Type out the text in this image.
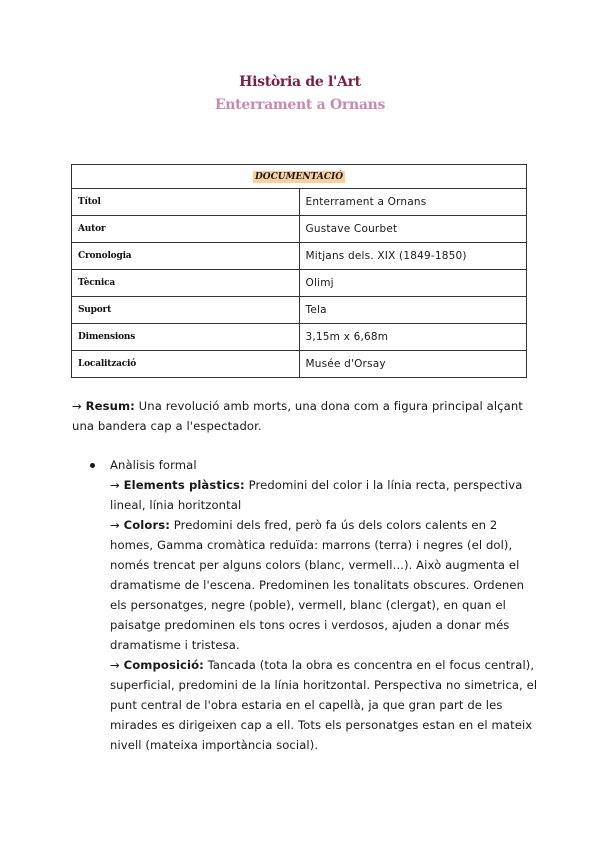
Història de l'Art
Enterrament a Ornans
DOCUMENTACIÓ	
Títol	Enterrament a Ornans
Autor	Gustave Courbet
Cronologia	Mitjans dels. XIX (1849-1850)
Tècnica	Olimj
Suport	Tela
Dimensions	3,15m x 6,68m
Localització	Musée d'Orsay
→ Resum: Una revolució amb morts, una dona com a figura principal alçant una bandera cap a l'espectador.
Anàlisis formal
→ Elements plàstics: Predomini del color i la línia recta, perspectiva lineal, línia horitzontal
→ Colors: Predomini dels fred, però fa ús dels colors calents en 2 homes, Gamma cromàtica reduïda: marrons (terra) i negres (el dol), només trencat per alguns colors (blanc, vermell...). Això augmenta el dramatisme de l'escena. Predominen les tonalitats obscures. Ordenen els personatges, negre (poble), vermell, blanc (clergat), en quan el paisatge predominen els tons ocres i verdosos, ajuden a donar més dramatisme i tristesa.
→ Composició: Tancada (tota la obra es concentra en el focus central), superficial, predomini de la línia horitzontal. Perspectiva no simetrica, el punt central de l'obra estaria en el capellà, ja que gran part de les mirades es dirigeixen cap a ell. Tots els personatges estan en el mateix nivell (mateixa importància social).
